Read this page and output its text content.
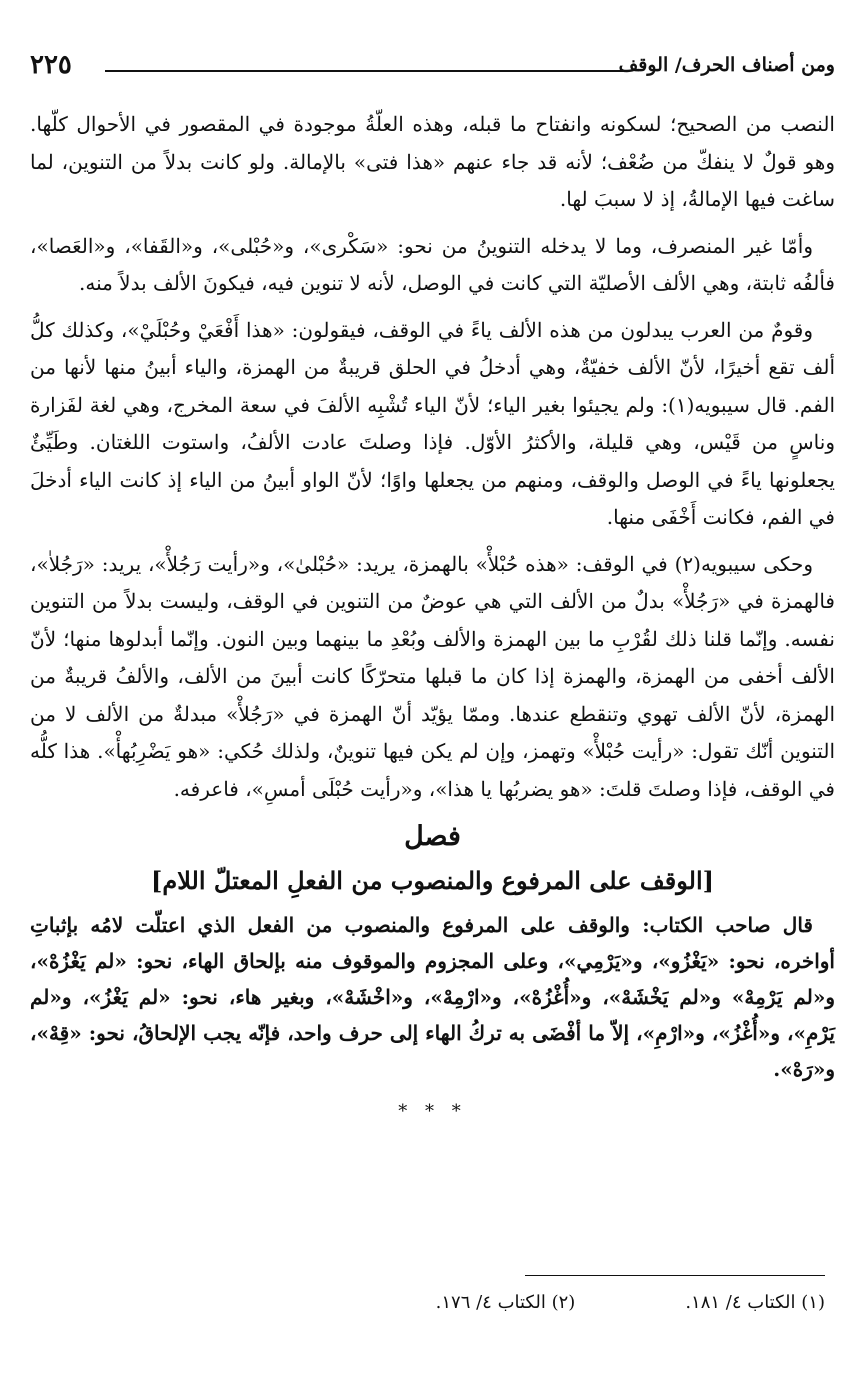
ومن أصناف الحرف/ الوقف
٢٢٥

النصب من الصحيح؛ لسكونه وانفتاح ما قبله، وهذه العلّةُ موجودة في المقصور في الأحوال كلّها. وهو قولٌ لا ينفكّ من ضُعْف؛ لأنه قد جاء عنهم «هذا فتى» بالإمالة. ولو كانت بدلاً من التنوين، لما ساغت فيها الإمالةُ، إذ لا سببَ لها.

وأمّا غير المنصرف، وما لا يدخله التنوينُ من نحو: «سَكْرى»، و«حُبْلى»، و«القَفا»، و«العَصا»، فألفُه ثابتة، وهي الألف الأصليّة التي كانت في الوصل، لأنه لا تنوين فيه، فيكونَ الألف بدلاً منه.

وقومٌ من العرب يبدلون من هذه الألف ياءً في الوقف، فيقولون: «هذا أَفْعَيْ وحُبْلَيْ»، وكذلك كلُّ ألف تقع أخيرًا، لأنّ الألف خفيّةٌ، وهي أدخلُ في الحلق قريبةٌ من الهمزة، والياء أبينُ منها لأنها من الفم. قال سيبويه(١): ولم يجيئوا بغير الياء؛ لأنّ الياء تُشْبِه الألفَ في سعة المخرج، وهي لغة لفَزارة وناسٍ من قَيْس، وهي قليلة، والأكثرُ الأوّل. فإذا وصلتَ عادت الألفُ، واستوت اللغتان. وطَيِّئٌ يجعلونها ياءً في الوصل والوقف، ومنهم من يجعلها واوًا؛ لأنّ الواو أبينُ من الياء إذ كانت الياء أدخلَ في الفم، فكانت أَخْفَى منها.

وحكى سيبويه(٢) في الوقف: «هذه حُبْلأْ» بالهمزة، يريد: «حُبْلىٰ»، و«رأيت رَجُلأْ»، يريد: «رَجُلاٰ»، فالهمزة في «رَجُلأْ» بدلٌ من الألف التي هي عوضٌ من التنوين في الوقف، وليست بدلاً من التنوين نفسه. وإنّما قلنا ذلك لقُرْبِ ما بين الهمزة والألف وبُعْدِ ما بينهما وبين النون. وإنّما أبدلوها منها؛ لأنّ الألف أخفى من الهمزة، والهمزة إذا كان ما قبلها متحرّكًا كانت أبينَ من الألف، والألفُ قريبةٌ من الهمزة، لأنّ الألف تهوي وتنقطع عندها. وممّا يؤيّد أنّ الهمزة في «رَجُلأْ» مبدلةٌ من الألف لا من التنوين أنّك تقول: «رأيت حُبْلأْ» وتهمز، وإن لم يكن فيها تنوينٌ، ولذلك حُكي: «هو يَضْرِبُهأْ». هذا كلُّه في الوقف، فإذا وصلتَ قلتَ: «هو يضربُها يا هذا»، و«رأيت حُبْلَى أمسِ»، فاعرفه.

فصل
[الوقف على المرفوع والمنصوب من الفعلِ المعتلّ اللام]

قال صاحب الكتاب: والوقف على المرفوع والمنصوب من الفعل الذي اعتلّت لامُه بإثباتِ أواخره، نحو: «يَغْزُو»، و«يَرْمِي»، وعلى المجزوم والموقوف منه بإلحاق الهاء، نحو: «لم يَغْزُهْ»، و«لم يَرْمِهْ» و«لم يَخْشَهْ»، و«أُغْزُهْ»، و«ارْمِهْ»، و«اخْشَهْ»، وبغير هاء، نحو: «لم يَغْزُ»، و«لم يَرْمِ»، و«أُغْزُ»، و«ارْمِ»، إلاّ ما أفْضَى به تركُ الهاء إلى حرف واحد، فإنّه يجب الإلحاقُ، نحو: «قِهْ»، و«رَهْ».

* * *
(١) الكتاب ٤/ ١٨١.
(٢) الكتاب ٤/ ١٧٦.
